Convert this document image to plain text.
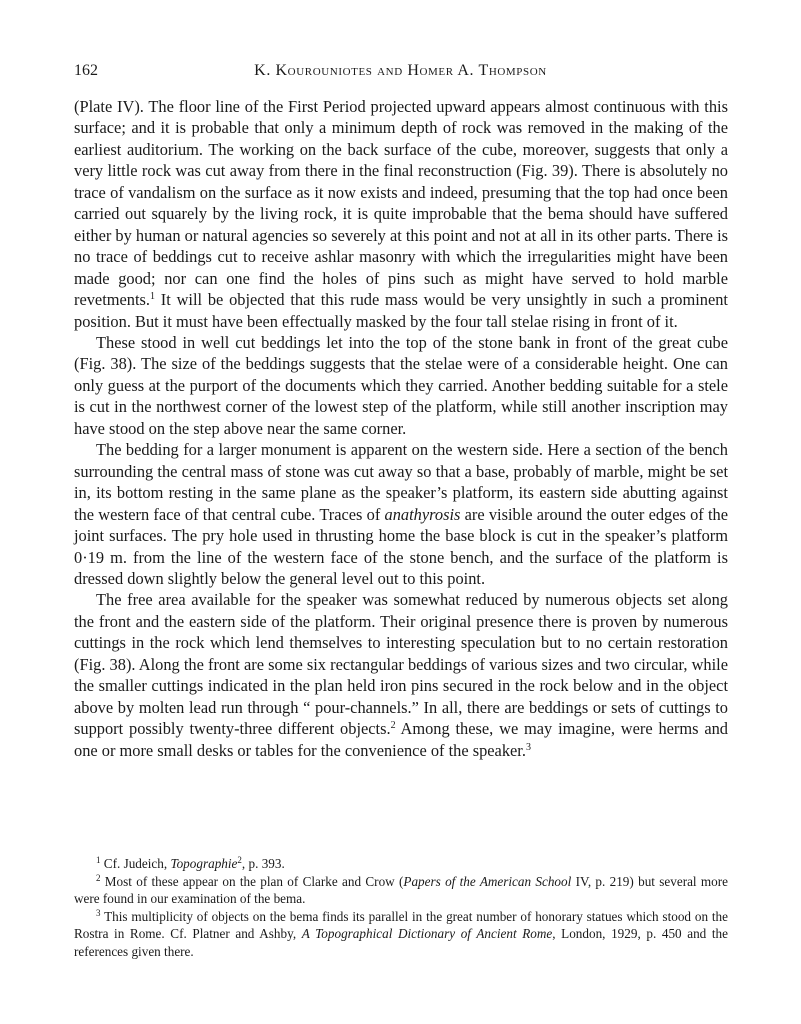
162	K. Kourouniotes and Homer A. Thompson

(Plate IV). The floor line of the First Period projected upward appears almost continuous with this surface; and it is probable that only a minimum depth of rock was removed in the making of the earliest auditorium. The working on the back surface of the cube, moreover, suggests that only a very little rock was cut away from there in the final reconstruction (Fig. 39). There is absolutely no trace of vandalism on the surface as it now exists and indeed, presuming that the top had once been carried out squarely by the living rock, it is quite improbable that the bema should have suffered either by human or natural agencies so severely at this point and not at all in its other parts. There is no trace of beddings cut to receive ashlar masonry with which the irregularities might have been made good; nor can one find the holes of pins such as might have served to hold marble revetments.$^1$ It will be objected that this rude mass would be very unsightly in such a prominent position. But it must have been effectually masked by the four tall stelae rising in front of it.

These stood in well cut beddings let into the top of the stone bank in front of the great cube (Fig. 38). The size of the beddings suggests that the stelae were of a considerable height. One can only guess at the purport of the documents which they carried. Another bedding suitable for a stele is cut in the northwest corner of the lowest step of the platform, while still another inscription may have stood on the step above near the same corner.

The bedding for a larger monument is apparent on the western side. Here a section of the bench surrounding the central mass of stone was cut away so that a base, probably of marble, might be set in, its bottom resting in the same plane as the speaker’s platform, its eastern side abutting against the western face of that central cube. Traces of anathyrosis are visible around the outer edges of the joint surfaces. The pry hole used in thrusting home the base block is cut in the speaker’s platform 0·19 m. from the line of the western face of the stone bench, and the surface of the platform is dressed down slightly below the general level out to this point.

The free area available for the speaker was somewhat reduced by numerous objects set along the front and the eastern side of the platform. Their original presence there is proven by numerous cuttings in the rock which lend themselves to interesting speculation but to no certain restoration (Fig. 38). Along the front are some six rectangular beddings of various sizes and two circular, while the smaller cuttings indicated in the plan held iron pins secured in the rock below and in the object above by molten lead run through “ pour-channels.” In all, there are beddings or sets of cuttings to support possibly twenty-three different objects.$^2$ Among these, we may imagine, were herms and one or more small desks or tables for the convenience of the speaker.$^3$

$^1$ Cf. Judeich, Topographie$^2$, p. 393.

$^2$ Most of these appear on the plan of Clarke and Crow (Papers of the American School IV, p. 219) but several more were found in our examination of the bema.

$^3$ This multiplicity of objects on the bema finds its parallel in the great number of honorary statues which stood on the Rostra in Rome. Cf. Platner and Ashby, A Topographical Dictionary of Ancient Rome, London, 1929, p. 450 and the references given there.
